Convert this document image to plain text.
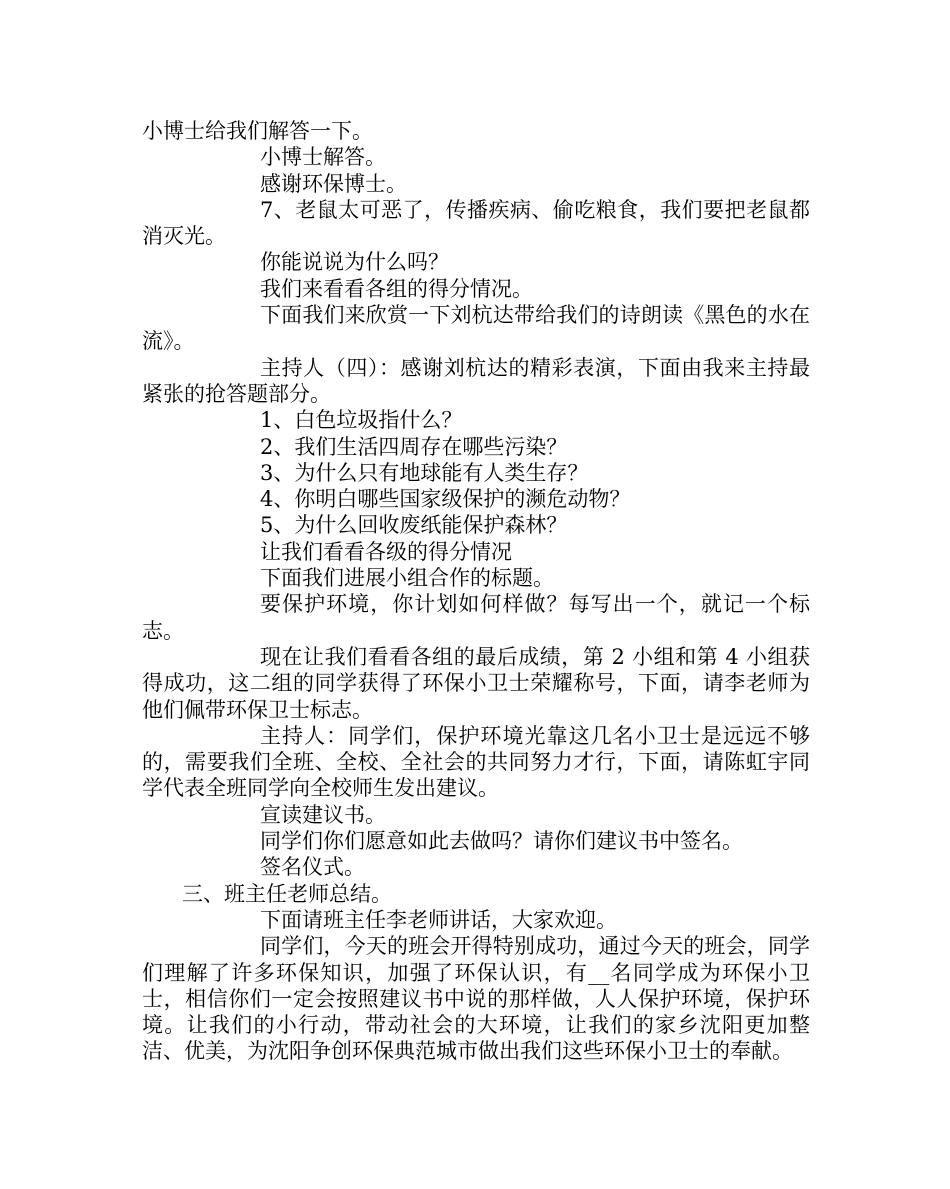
小博士给我们解答一下。

小博士解答。

感谢环保博士。

7、老鼠太可恶了，传播疾病、偷吃粮食，我们要把老鼠都消灭光。

你能说说为什么吗？

我们来看看各组的得分情况。

下面我们来欣赏一下刘杭达带给我们的诗朗读《黑色的水在流》。

主持人（四）：感谢刘杭达的精彩表演，下面由我来主持最紧张的抢答题部分。

1、白色垃圾指什么？

2、我们生活四周存在哪些污染？

3、为什么只有地球能有人类生存？

4、你明白哪些国家级保护的濒危动物？

5、为什么回收废纸能保护森林？

让我们看看各级的得分情况

下面我们进展小组合作的标题。

要保护环境，你计划如何样做？每写出一个，就记一个标志。

现在让我们看看各组的最后成绩，第 2 小组和第 4 小组获得成功，这二组的同学获得了环保小卫士荣耀称号，下面，请李老师为他们佩带环保卫士标志。

主持人：同学们，保护环境光靠这几名小卫士是远远不够的，需要我们全班、全校、全社会的共同努力才行，下面，请陈虹宇同学代表全班同学向全校师生发出建议。

宣读建议书。

同学们你们愿意如此去做吗？请你们建议书中签名。

签名仪式。

三、班主任老师总结。

下面请班主任李老师讲话，大家欢迎。

同学们，今天的班会开得特别成功，通过今天的班会，同学们理解了许多环保知识，加强了环保认识，有__名同学成为环保小卫士，相信你们一定会按照建议书中说的那样做，人人保护环境，保护环境。让我们的小行动，带动社会的大环境，让我们的家乡沈阳更加整洁、优美，为沈阳争创环保典范城市做出我们这些环保小卫士的奉献。
